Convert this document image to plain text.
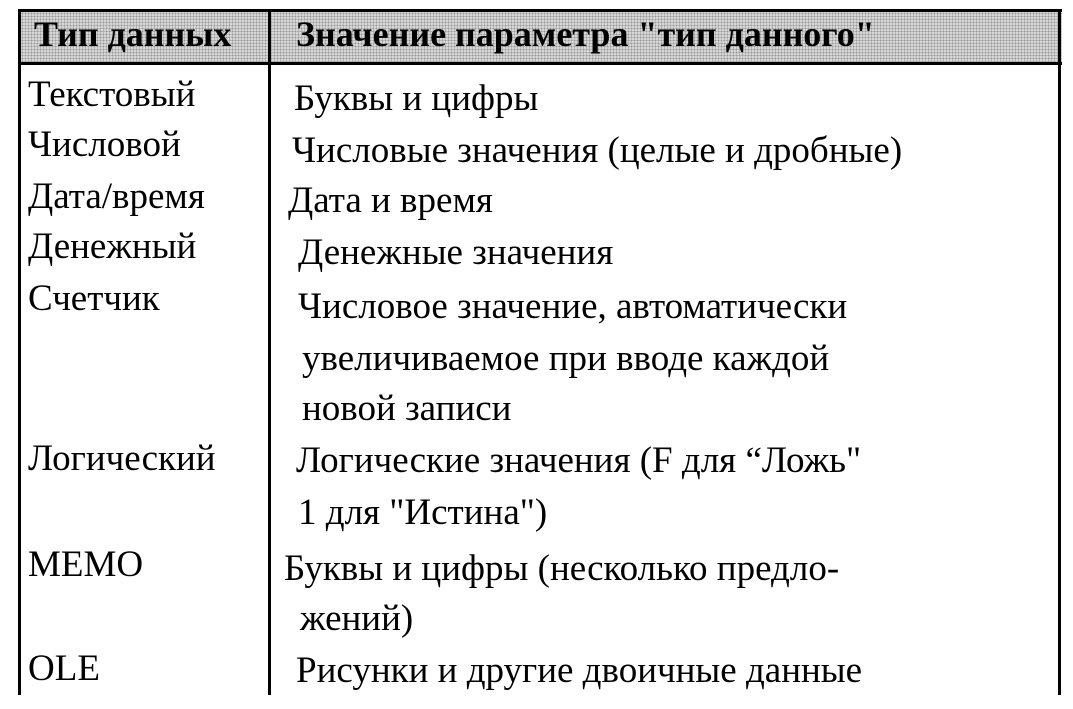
Тип данных Значение параметра "тип данного"
Текстовый	Буквы и цифры
Числовой	Числовые значения (целые и дробные)
Дата/время Дата и время
Денежный	Денежные значения
Счетчик	Числовое значение, автоматически
увеличиваемое при вводе каждой
новой записи
Логический Логические значения (F для “Ложь"
1 для "Истина")
MEMO	Буквы и цифры (несколько предло-
жений)
OLE	Рисунки и другие двоичные данные
